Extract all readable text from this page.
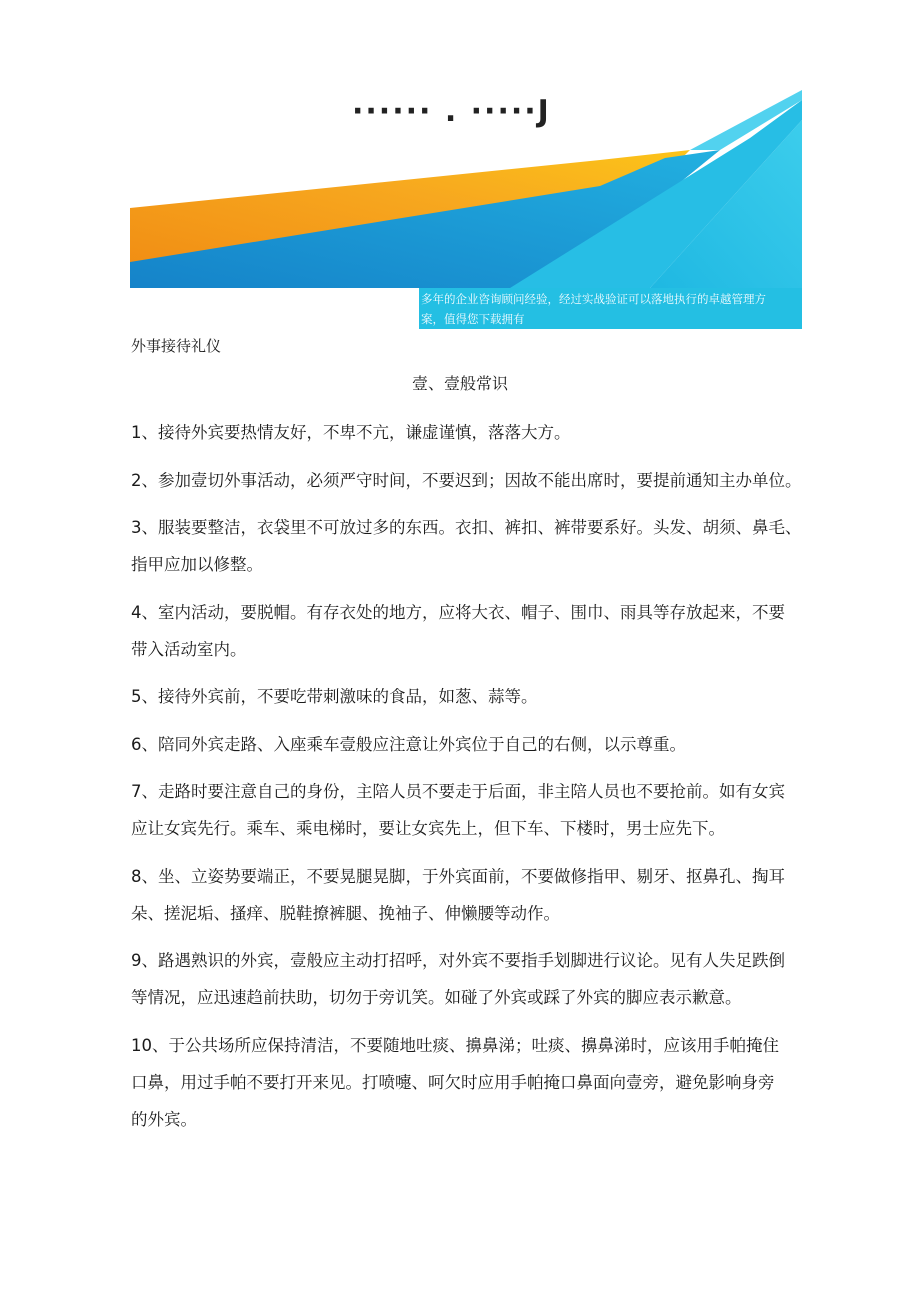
······ . ·····J
多年的企业咨询顾问经验，经过实战验证可以落地执行的卓越管理方
案，值得您下载拥有
外事接待礼仪
壹、壹般常识

1、接待外宾要热情友好，不卑不亢，谦虚谨慎，落落大方。

2、参加壹切外事活动，必须严守时间，不要迟到；因故不能出席时，要提前通知主办单位。

3、服装要整洁，衣袋里不可放过多的东西。衣扣、裤扣、裤带要系好。头发、胡须、鼻毛、
指甲应加以修整。

4、室内活动，要脱帽。有存衣处的地方，应将大衣、帽子、围巾、雨具等存放起来，不要
带入活动室内。

5、接待外宾前，不要吃带刺激味的食品，如葱、蒜等。

6、陪同外宾走路、入座乘车壹般应注意让外宾位于自己的右侧，以示尊重。

7、走路时要注意自己的身份，主陪人员不要走于后面，非主陪人员也不要抢前。如有女宾
应让女宾先行。乘车、乘电梯时，要让女宾先上，但下车、下楼时，男士应先下。

8、坐、立姿势要端正，不要晃腿晃脚，于外宾面前，不要做修指甲、剔牙、抠鼻孔、掏耳
朵、搓泥垢、搔痒、脱鞋撩裤腿、挽袖子、伸懒腰等动作。

9、路遇熟识的外宾，壹般应主动打招呼，对外宾不要指手划脚进行议论。见有人失足跌倒
等情况，应迅速趋前扶助，切勿于旁讥笑。如碰了外宾或踩了外宾的脚应表示歉意。

10、于公共场所应保持清洁，不要随地吐痰、擤鼻涕；吐痰、擤鼻涕时，应该用手帕掩住
口鼻，用过手帕不要打开来见。打喷嚏、呵欠时应用手帕掩口鼻面向壹旁，避免影响身旁
的外宾。
